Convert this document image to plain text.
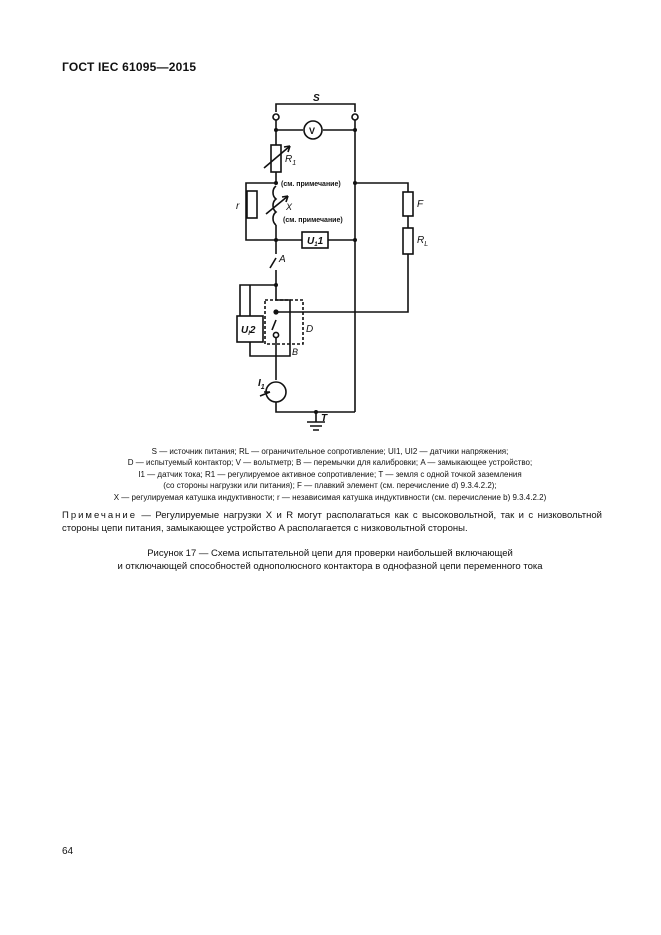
ГОСТ IEC 61095—2015
S
V
$R_1$
(см. примечание)
r	X
(см. примечание)
$U_11$
A
F
$R_L$
$U_I2$	D
B
$I_1$
T
S — источник питания; RL — ограничительное сопротивление; UI1, UI2 — датчики напряжения;
D — испытуемый контактор; V — вольтметр; B — перемычки для калибровки; A — замыкающее устройство;
I1 — датчик тока; R1 — регулируемое активное сопротивление; T — земля с одной точкой заземления
(со стороны нагрузки или питания); F — плавкий элемент (см. перечисление d) 9.3.4.2.2);
X — регулируемая катушка индуктивности; r — независимая катушка индуктивности (см. перечисление b) 9.3.4.2.2)
Примечание — Регулируемые нагрузки X и R могут располагаться как с высоковольтной, так и с низковольтной стороны цепи питания, замыкающее устройство A располагается с низковольтной стороны.
Рисунок 17 — Схема испытательной цепи для проверки наибольшей включающей
и отключающей способностей однополюсного контактора в однофазной цепи переменного тока
64
